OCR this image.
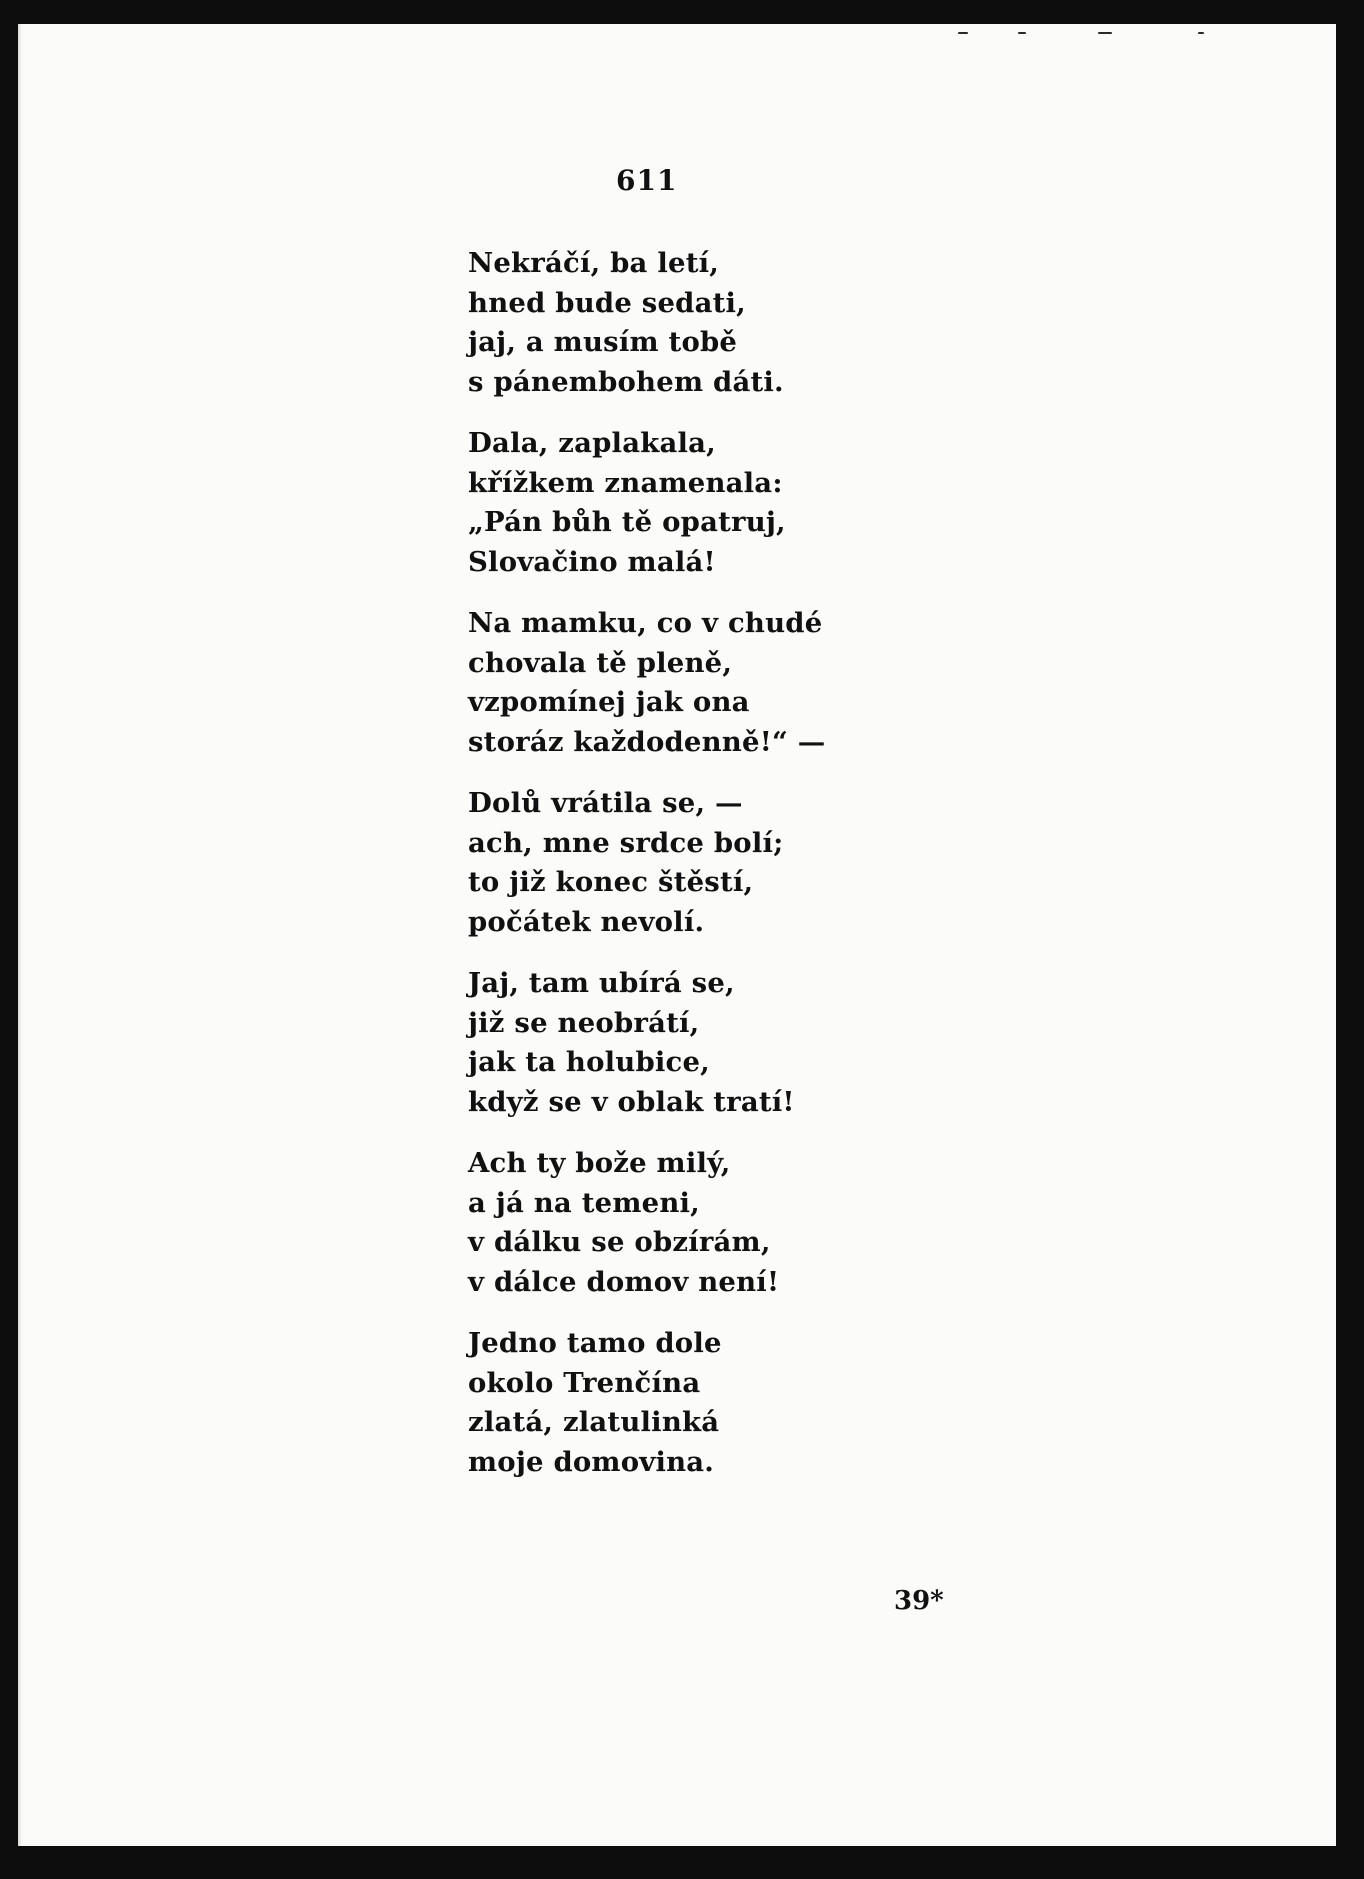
611
Nekráčí, ba letí,
hned bude sedati,
jaj, a musím tobě
s pánembohem dáti.
Dala, zaplakala,
křížkem znamenala:
„Pán bůh tě opatruj,
Slovačino malá!
Na mamku, co v chudé
chovala tě pleně,
vzpomínej jak ona
storáz každodenně!“ —
Dolů vrátila se, —
ach, mne srdce bolí;
to již konec štěstí,
počátek nevolí.
Jaj, tam ubírá se,
již se neobrátí,
jak ta holubice,
když se v oblak tratí!
Ach ty bože milý,
a já na temeni,
v dálku se obzírám,
v dálce domov není!
Jedno tamo dole
okolo Trenčína
zlatá, zlatulinká
moje domovina.
39*
